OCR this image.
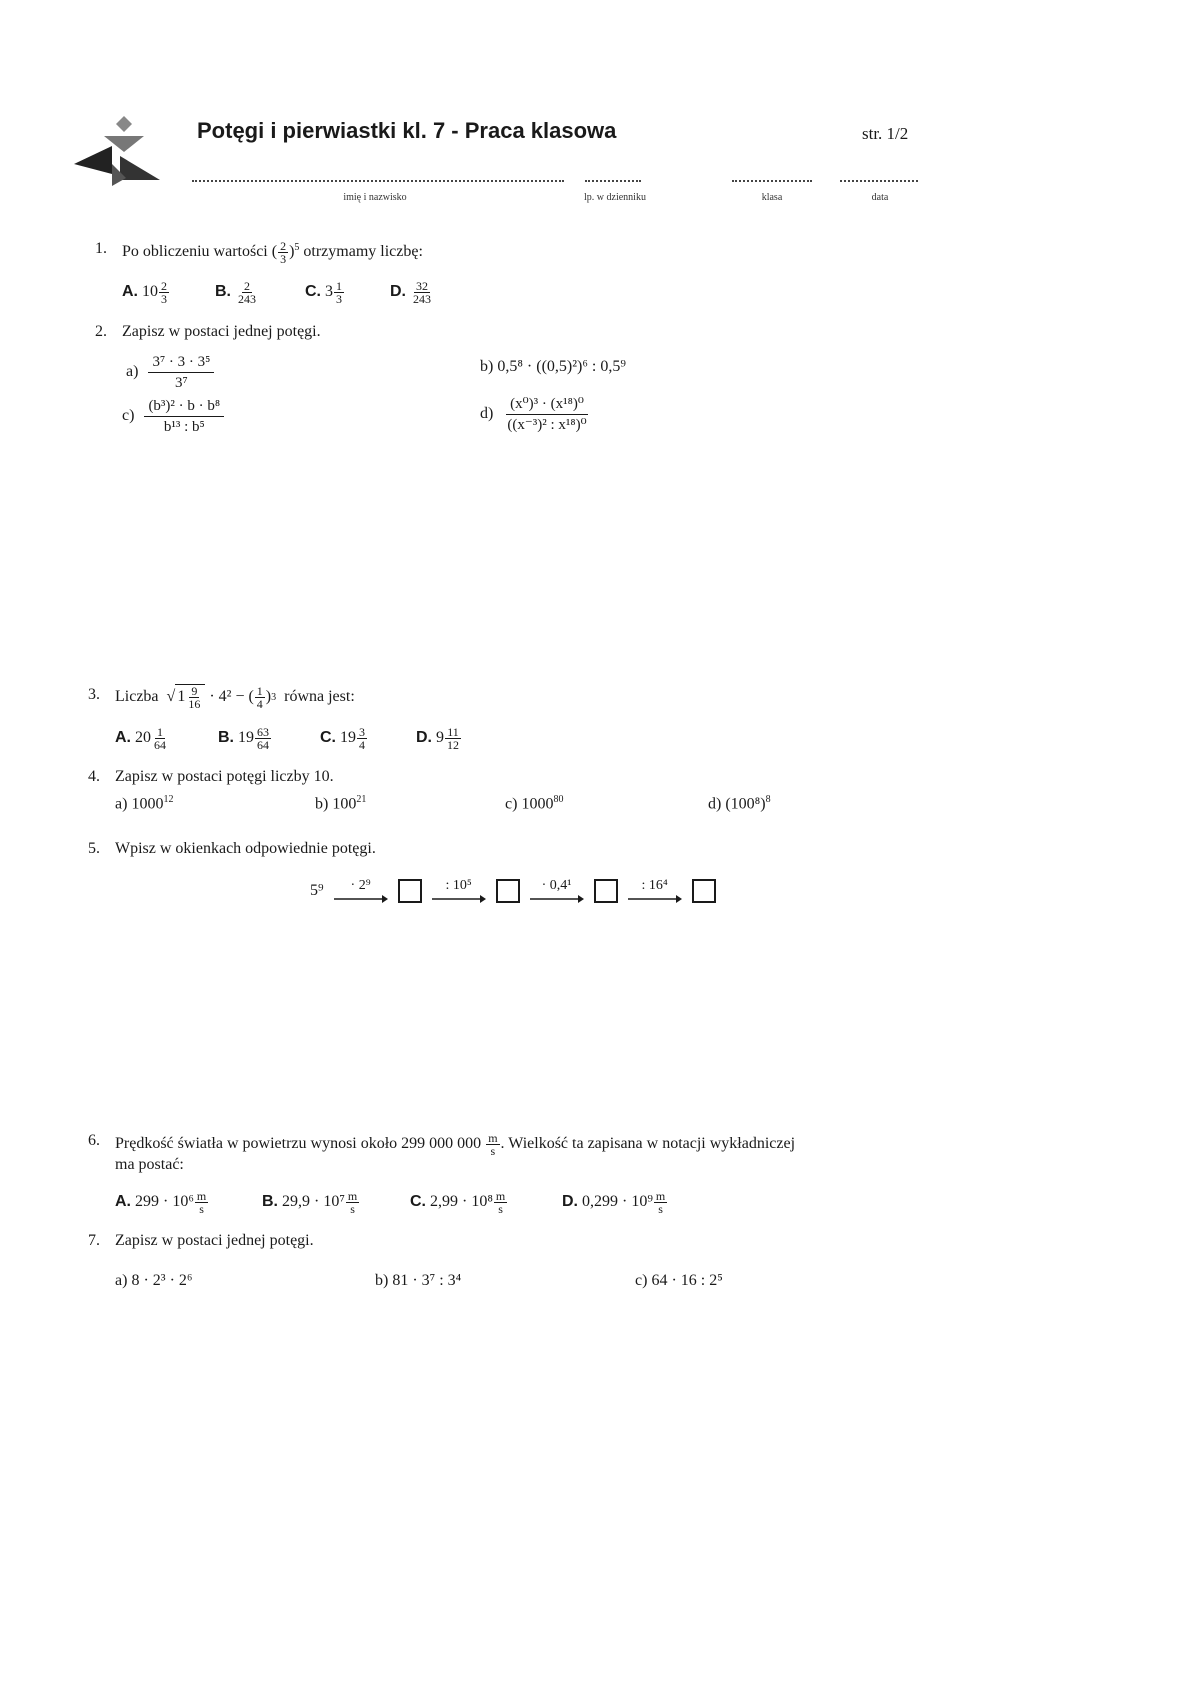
Potęgi i pierwiastki kl. 7 - Praca klasowa	str. 1/2
imię i nazwisko	lp. w dzienniku	klasa	data
1. Po obliczeniu wartości ( $\frac{2}{3} )^5$ otrzymamy liczbę:
A. $10 \frac{2}{3}$	B. $\frac{2}{243}$	C. $3 \frac{1}{3}$	D. $\frac{32}{243}$
2. Zapisz w postaci jednej potęgi.
$a) \frac{\text{3⁷ · 3 · 3⁵}}{\text{3⁷}}$	b) 0,5⁸ · ((0,5)²)⁶ : 0,5⁹
$c) \frac{\text{(b³)² · b · b⁸}}{\text{b¹³ : b⁵}}$	$d) \frac{\text{(x⁰)³ · (x¹⁸)⁰}}{\text{((x⁻³)² : x¹⁸)⁰}}$
3. Liczba √ $1 \frac{9}{16} \cdot 4^2$ − ( $\frac{1}{4}$ ) 3 równa jest:
A. $20 \frac{1}{64}$	B. $19 \frac{63}{64}$	C. $19 \frac{3}{4}$	D. $9 \frac{11}{12}$
4. Zapisz w postaci potęgi liczby 10.
a) 1000$^{12}$	b) $100^{21}$	c) 1000$^{80}$	d) $(100^8)^8$
5. Wpisz w okienkach odpowiednie potęgi.
5⁹ · 2⁹	: 10⁵	· 0,4¹	: 16⁴
6. Prędkość światła w powietrzu wynosi około 299 000 $000 \frac{m}{s}$ . Wielkość ta zapisana w notacji wykładniczej
ma postać:
A. $299 \cdot 10^6 \frac{m}{s}$	B. $29,9 \cdot 10^7 \frac{m}{s}$	C. $2,99 \cdot 10^8 \frac{m}{s}$	D. $0,299 \cdot 10^9 \frac{m}{s}$
7. Zapisz w postaci jednej potęgi.
a) 8 · 2³ · 2⁶	b) 81 · 3⁷ : 3⁴	c) 64 · 16 : 2⁵
